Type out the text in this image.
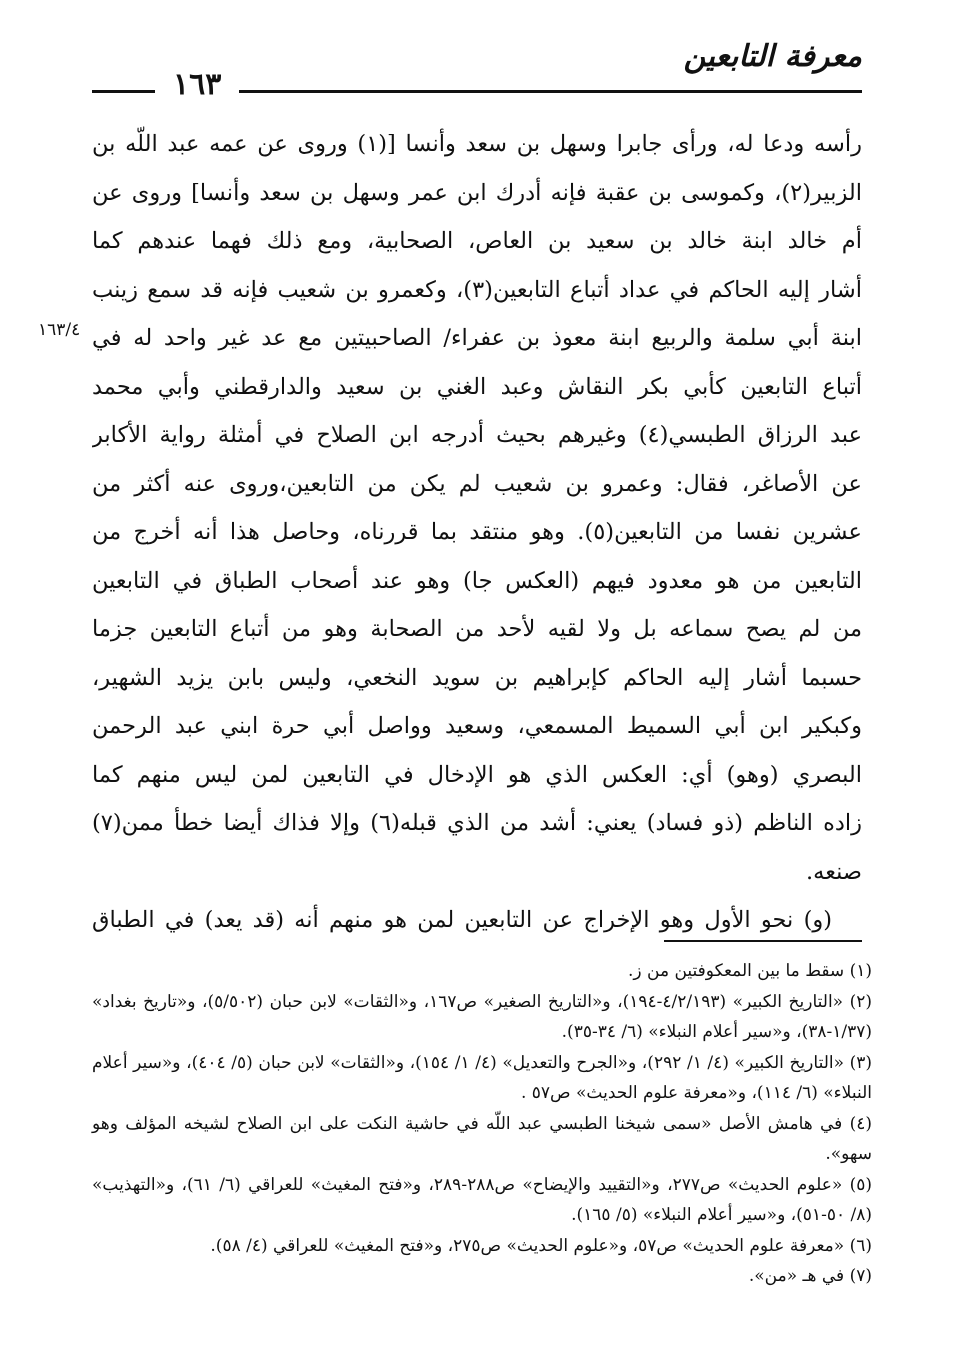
معرفة التابعين
١٦٣
١٦٣/٤
رأسه ودعا له، ورأى جابرا وسهل بن سعد وأنسا [(١) وروى عن عمه عبد اللّه بن
الزبير(٢)، وكموسى بن عقبة فإنه أدرك ابن عمر وسهل بن سعد وأنسا] وروى عن
أم خالد ابنة خالد بن سعيد بن العاص، الصحابية، ومع ذلك فهما عندهم كما
أشار إليه الحاكم في عداد أتباع التابعين(٣)، وكعمرو بن شعيب فإنه قد سمع زينب
ابنة أبي سلمة والربيع ابنة معوذ بن عفراء/ الصاحبيتين مع عد غير واحد له في
أتباع التابعين كأبي بكر النقاش وعبد الغني بن سعيد والدارقطني وأبي محمد
عبد الرزاق الطبسي(٤) وغيرهم بحيث أدرجه ابن الصلاح في أمثلة رواية الأكابر
عن الأصاغر، فقال: وعمرو بن شعيب لم يكن من التابعين،وروى عنه أكثر من
عشرين نفسا من التابعين(٥). وهو منتقد بما قررناه، وحاصل هذا أنه أخرج من
التابعين من هو معدود فيهم (العكس جا) وهو عند أصحاب الطباق في التابعين
من لم يصح سماعه بل ولا لقيه لأحد من الصحابة وهو من أتباع التابعين جزما
حسبما أشار إليه الحاكم كإبراهيم بن سويد النخعي، وليس بابن يزيد الشهير،
وكبكير ابن أبي السميط المسمعي، وسعيد وواصل أبي حرة ابني عبد الرحمن
البصري (وهو) أي: العكس الذي هو الإدخال في التابعين لمن ليس منهم كما
زاده الناظم (ذو فساد) يعني: أشد من الذي قبله(٦) وإلا فذاك أيضا خطأ ممن(٧)
صنعه.
(و) نحو الأول وهو الإخراج عن التابعين لمن هو منهم أنه (قد يعد) في الطباق
(١) سقط ما بين المعكوفتين من ز.
(٢) «التاريخ الكبير» (٤/٢/١٩٣-١٩٤)، و«التاريخ الصغير» ص١٦٧، و«الثقات» لابن حبان (٥/٥٠٢)، و«تاريخ بغداد» (١/٣٧-٣٨)، و«سير أعلام النبلاء» (٦/ ٣٤-٣٥).
(٣) «التاريخ الكبير» (٤/ ١/ ٢٩٢)، و«الجرح والتعديل» (٤/ ١/ ١٥٤)، و«الثقات» لابن حبان (٥/ ٤٠٤)، و«سير أعلام النبلاء» (٦/ ١١٤)، و«معرفة علوم الحديث» ص٥٧ .
(٤) في هامش الأصل «سمى شيخنا الطبسي عبد اللّه في حاشية النكت على ابن الصلاح لشيخه المؤلف وهو سهو».
(٥) «علوم الحديث» ص٢٧٧، و«التقييد والإيضاح» ص٢٨٨-٢٨٩، و«فتح المغيث» للعراقي (٦/ ٦١)، و«التهذيب» (٨/ ٥٠-٥١)، و«سير أعلام النبلاء» (٥/ ١٦٥).
(٦) «معرفة علوم الحديث» ص٥٧، و«علوم الحديث» ص٢٧٥، و«فتح المغيث» للعراقي (٤/ ٥٨).
(٧) في هـ «من».
